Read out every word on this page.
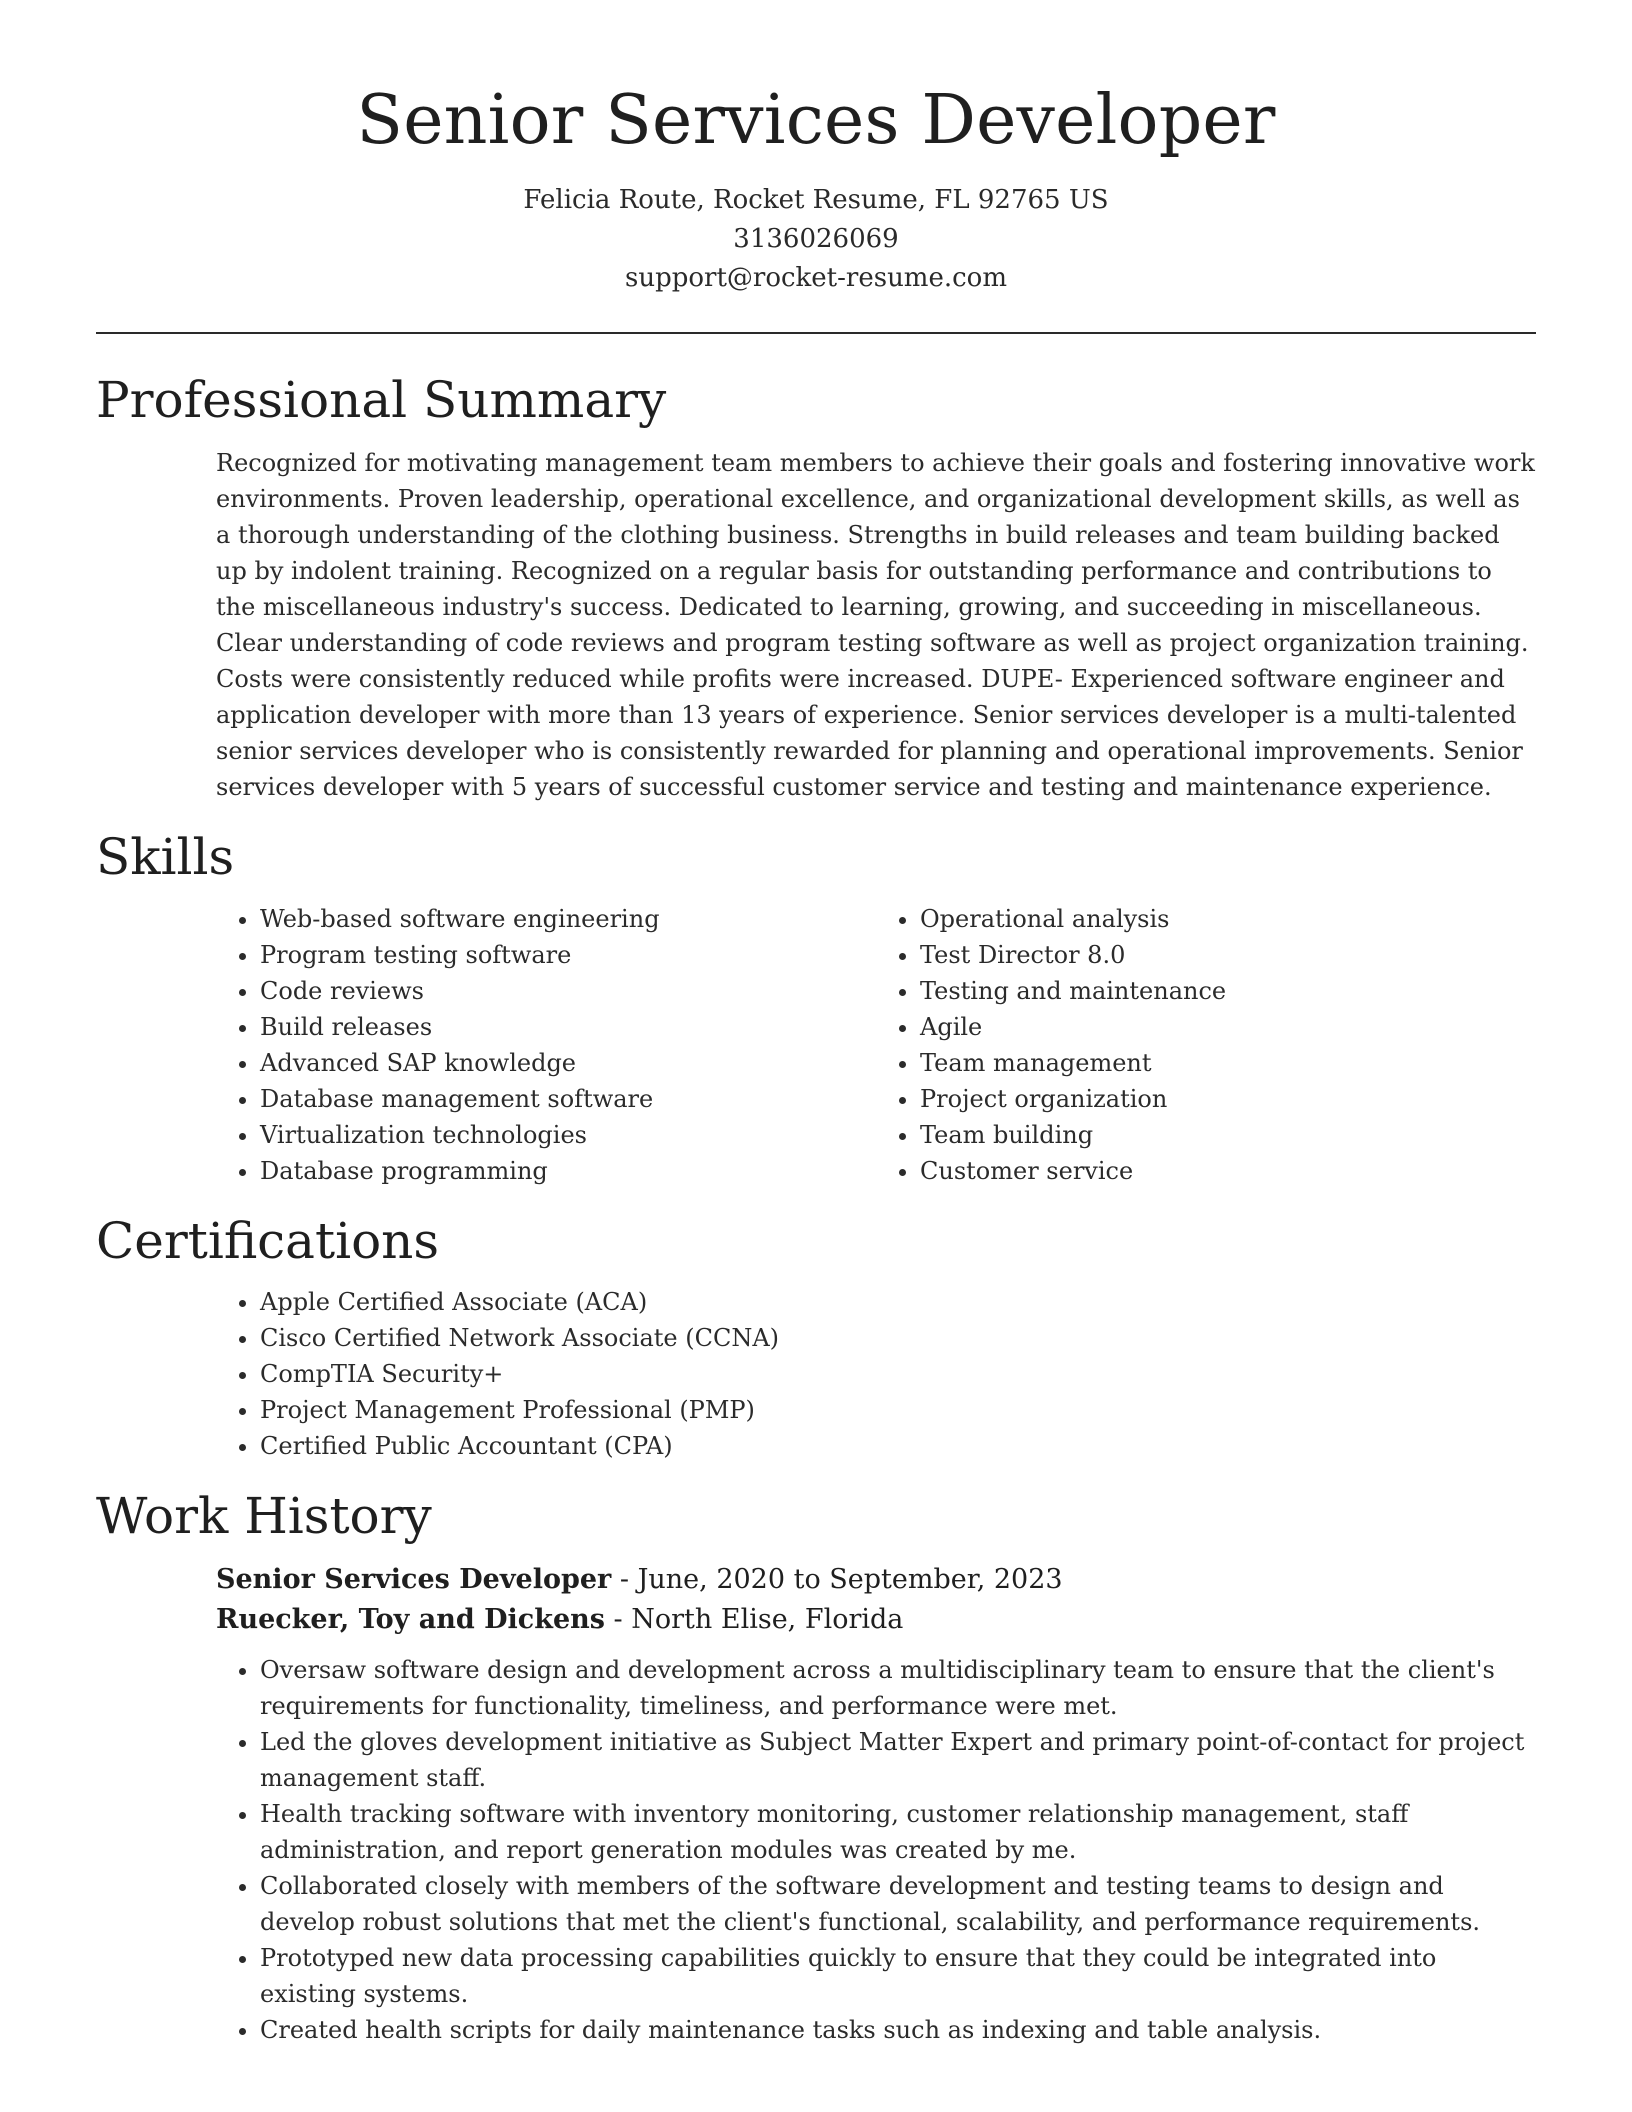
Senior Services Developer
Felicia Route, Rocket Resume, FL 92765 US
3136026069
support@rocket-resume.com
Professional Summary

Recognized for motivating management team members to achieve their goals and fostering innovative work environments. Proven leadership, operational excellence, and organizational development skills, as well as a thorough understanding of the clothing business. Strengths in build releases and team building backed up by indolent training. Recognized on a regular basis for outstanding performance and contributions to the miscellaneous industry's success. Dedicated to learning, growing, and succeeding in miscellaneous. Clear understanding of code reviews and program testing software as well as project organization training. Costs were consistently reduced while profits were increased. DUPE- Experienced software engineer and application developer with more than 13 years of experience. Senior services developer is a multi-talented senior services developer who is consistently rewarded for planning and operational improvements. Senior services developer with 5 years of successful customer service and testing and maintenance experience.

Skills
• Web-based software engineering
• Program testing software
• Code reviews
• Build releases
• Advanced SAP knowledge
• Database management software
• Virtualization technologies
• Database programming
• Operational analysis
• Test Director 8.0
• Testing and maintenance
• Agile
• Team management
• Project organization
• Team building
• Customer service
Certifications
• Apple Certified Associate (ACA)
• Cisco Certified Network Associate (CCNA)
• CompTIA Security+
• Project Management Professional (PMP)
• Certified Public Accountant (CPA)
Work History
Senior Services Developer - June, 2020 to September, 2023
Ruecker, Toy and Dickens - North Elise, Florida
• Oversaw software design and development across a multidisciplinary team to ensure that the client's requirements for functionality, timeliness, and performance were met.
• Led the gloves development initiative as Subject Matter Expert and primary point-of-contact for project management staff.
• Health tracking software with inventory monitoring, customer relationship management, staff administration, and report generation modules was created by me.
• Collaborated closely with members of the software development and testing teams to design and develop robust solutions that met the client's functional, scalability, and performance requirements.
• Prototyped new data processing capabilities quickly to ensure that they could be integrated into existing systems.
• Created health scripts for daily maintenance tasks such as indexing and table analysis.
